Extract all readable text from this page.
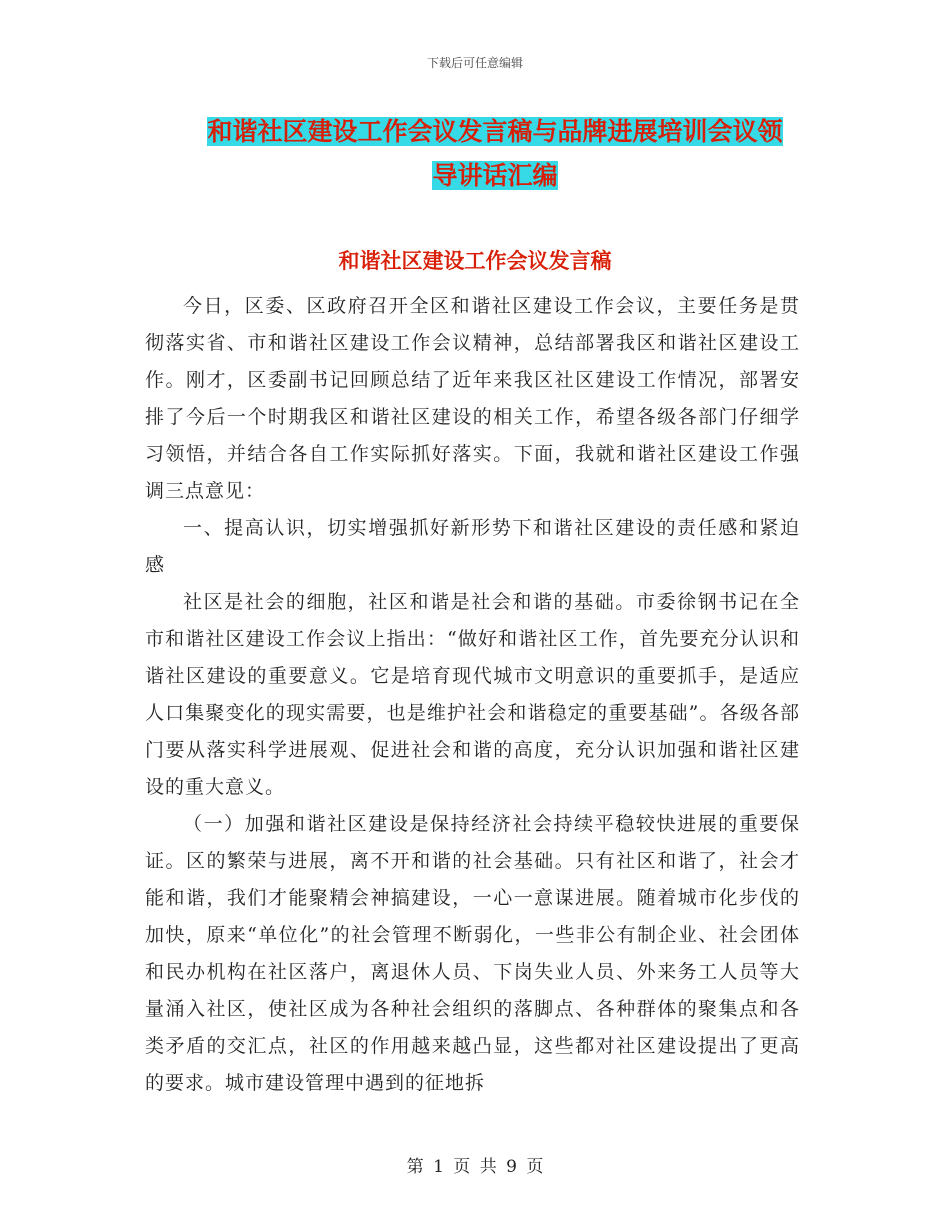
下载后可任意编辑
和谐社区建设工作会议发言稿与品牌进展培训会议领
导讲话汇编
和谐社区建设工作会议发言稿

今日，区委、区政府召开全区和谐社区建设工作会议，主要任务是贯彻落实省、市和谐社区建设工作会议精神，总结部署我区和谐社区建设工作。刚才，区委副书记回顾总结了近年来我区社区建设工作情况，部署安排了今后一个时期我区和谐社区建设的相关工作，希望各级各部门仔细学习领悟，并结合各自工作实际抓好落实。下面，我就和谐社区建设工作强调三点意见：

一、提高认识，切实增强抓好新形势下和谐社区建设的责任感和紧迫感

社区是社会的细胞，社区和谐是社会和谐的基础。市委徐钢书记在全市和谐社区建设工作会议上指出：“做好和谐社区工作，首先要充分认识和谐社区建设的重要意义。它是培育现代城市文明意识的重要抓手，是适应人口集聚变化的现实需要，也是维护社会和谐稳定的重要基础”。各级各部门要从落实科学进展观、促进社会和谐的高度，充分认识加强和谐社区建设的重大意义。

（一）加强和谐社区建设是保持经济社会持续平稳较快进展的重要保证。区的繁荣与进展，离不开和谐的社会基础。只有社区和谐了，社会才能和谐，我们才能聚精会神搞建设，一心一意谋进展。随着城市化步伐的加快，原来“单位化”的社会管理不断弱化，一些非公有制企业、社会团体和民办机构在社区落户，离退休人员、下岗失业人员、外来务工人员等大量涌入社区，使社区成为各种社会组织的落脚点、各种群体的聚集点和各类矛盾的交汇点，社区的作用越来越凸显，这些都对社区建设提出了更高的要求。城市建设管理中遇到的征地拆

第 1 页 共 9 页
